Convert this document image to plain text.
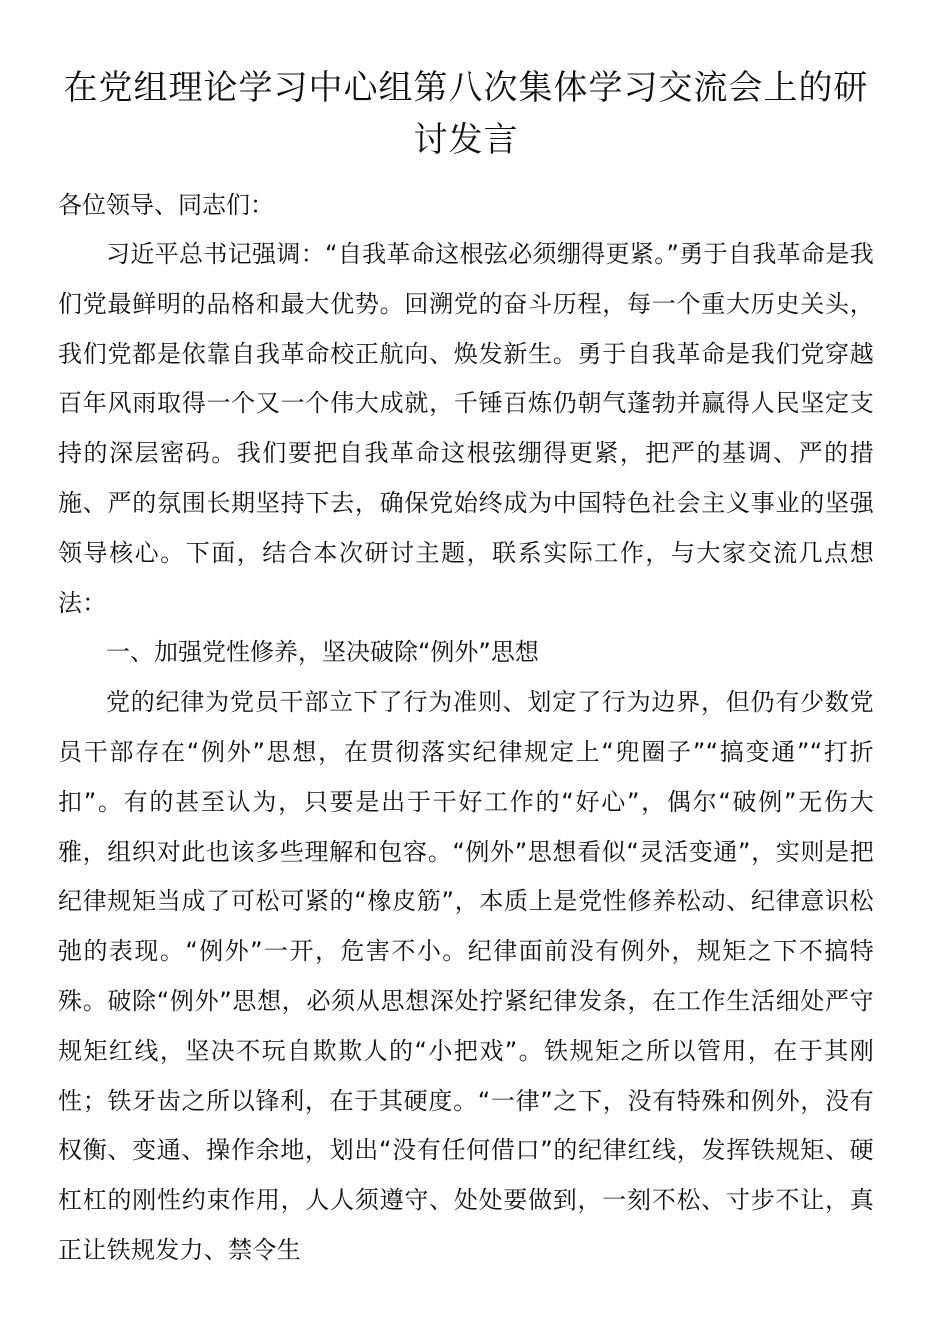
在党组理论学习中心组第八次集体学习交流会上的研讨发言

各位领导、同志们：

习近平总书记强调：“自我革命这根弦必须绷得更紧。”勇于自我革命是我们党最鲜明的品格和最大优势。回溯党的奋斗历程，每一个重大历史关头，我们党都是依靠自我革命校正航向、焕发新生。勇于自我革命是我们党穿越百年风雨取得一个又一个伟大成就，千锤百炼仍朝气蓬勃并赢得人民坚定支持的深层密码。我们要把自我革命这根弦绷得更紧，把严的基调、严的措施、严的氛围长期坚持下去，确保党始终成为中国特色社会主义事业的坚强领导核心。下面，结合本次研讨主题，联系实际工作，与大家交流几点想法：

一、加强党性修养，坚决破除“例外”思想

党的纪律为党员干部立下了行为准则、划定了行为边界，但仍有少数党员干部存在“例外”思想，在贯彻落实纪律规定上“兜圈子”“搞变通”“打折扣”。有的甚至认为，只要是出于干好工作的“好心”，偶尔“破例”无伤大雅，组织对此也该多些理解和包容。“例外”思想看似“灵活变通”，实则是把纪律规矩当成了可松可紧的“橡皮筋”，本质上是党性修养松动、纪律意识松弛的表现。“例外”一开，危害不小。纪律面前没有例外，规矩之下不搞特殊。破除“例外”思想，必须从思想深处拧紧纪律发条，在工作生活细处严守规矩红线，坚决不玩自欺欺人的“小把戏”。铁规矩之所以管用，在于其刚性；铁牙齿之所以锋利，在于其硬度。“一律”之下，没有特殊和例外，没有权衡、变通、操作余地，划出“没有任何借口”的纪律红线，发挥铁规矩、硬杠杠的刚性约束作用，人人须遵守、处处要做到，一刻不松、寸步不让，真正让铁规发力、禁令生
